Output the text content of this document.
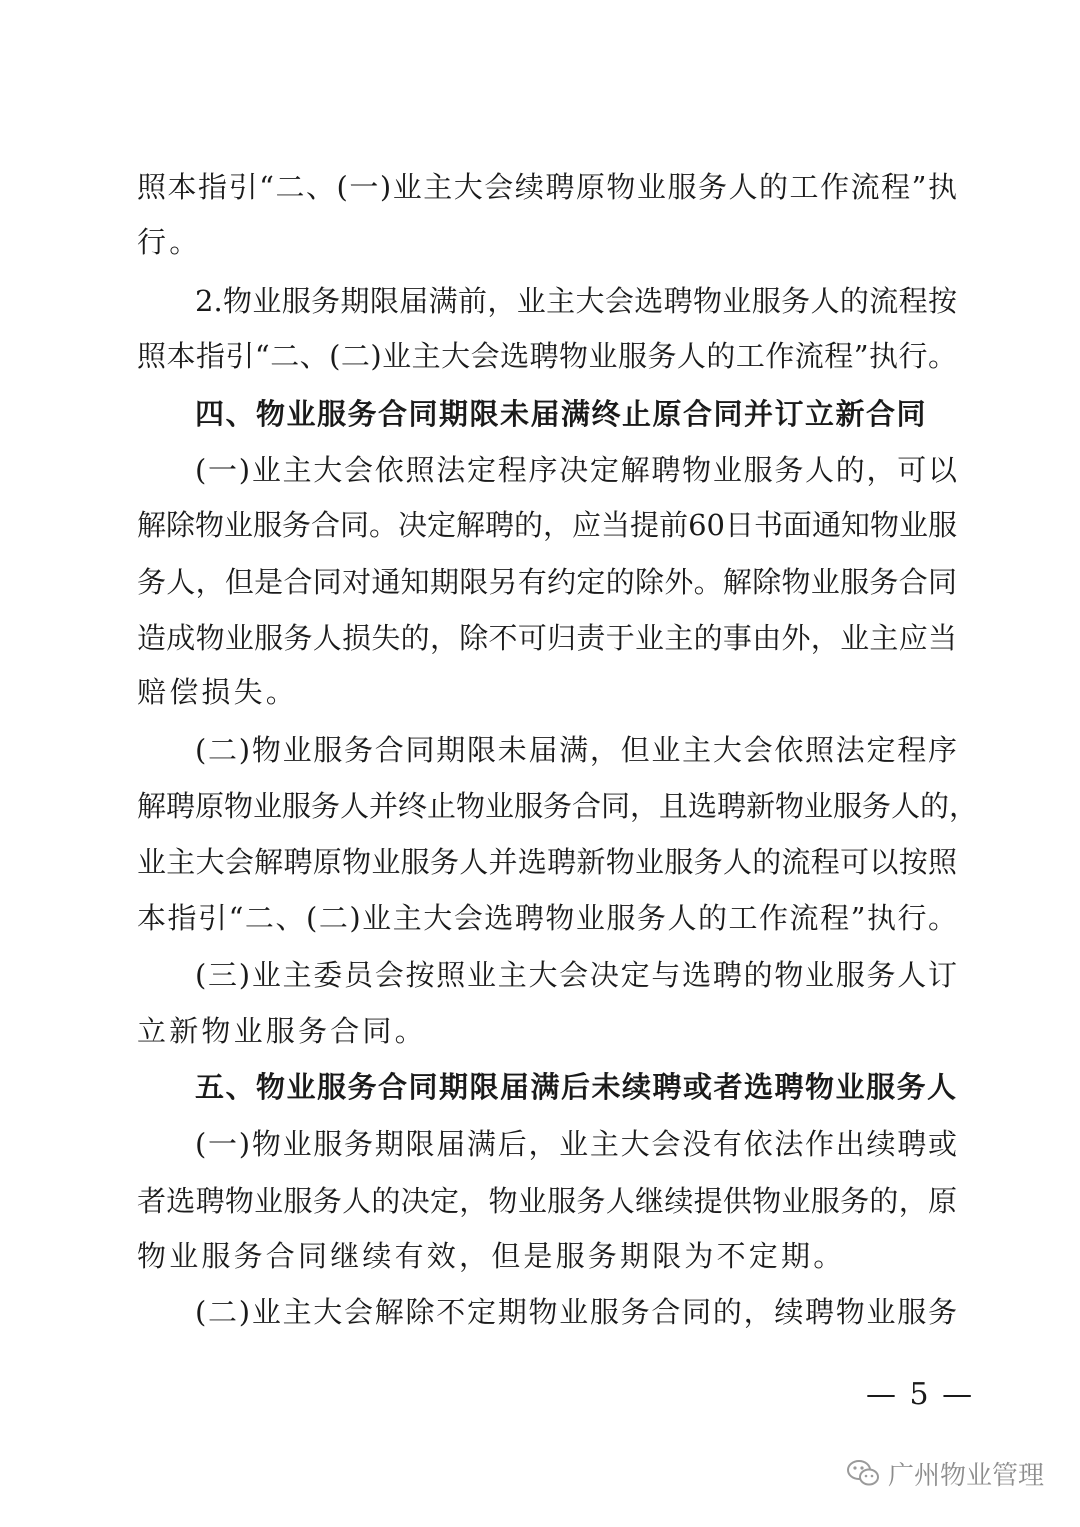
照本指引“二、(一)业主大会续聘原物业服务人的工作流程”执
行。
2.物业服务期限届满前，业主大会选聘物业服务人的流程按
照本指引“二、(二)业主大会选聘物业服务人的工作流程”执行。
四、物业服务合同期限未届满终止原合同并订立新合同
(一)业主大会依照法定程序决定解聘物业服务人的，可以
解除物业服务合同。决定解聘的，应当提前60日书面通知物业服
务人，但是合同对通知期限另有约定的除外。解除物业服务合同
造成物业服务人损失的，除不可归责于业主的事由外，业主应当
赔偿损失。
(二)物业服务合同期限未届满，但业主大会依照法定程序
解聘原物业服务人并终止物业服务合同，且选聘新物业服务人的，
业主大会解聘原物业服务人并选聘新物业服务人的流程可以按照
本指引“二、(二)业主大会选聘物业服务人的工作流程”执行。
(三)业主委员会按照业主大会决定与选聘的物业服务人订
立新物业服务合同。
五、物业服务合同期限届满后未续聘或者选聘物业服务人
(一)物业服务期限届满后，业主大会没有依法作出续聘或
者选聘物业服务人的决定，物业服务人继续提供物业服务的，原
物业服务合同继续有效，但是服务期限为不定期。
(二)业主大会解除不定期物业服务合同的，续聘物业服务
— 5 —
广州物业管理
